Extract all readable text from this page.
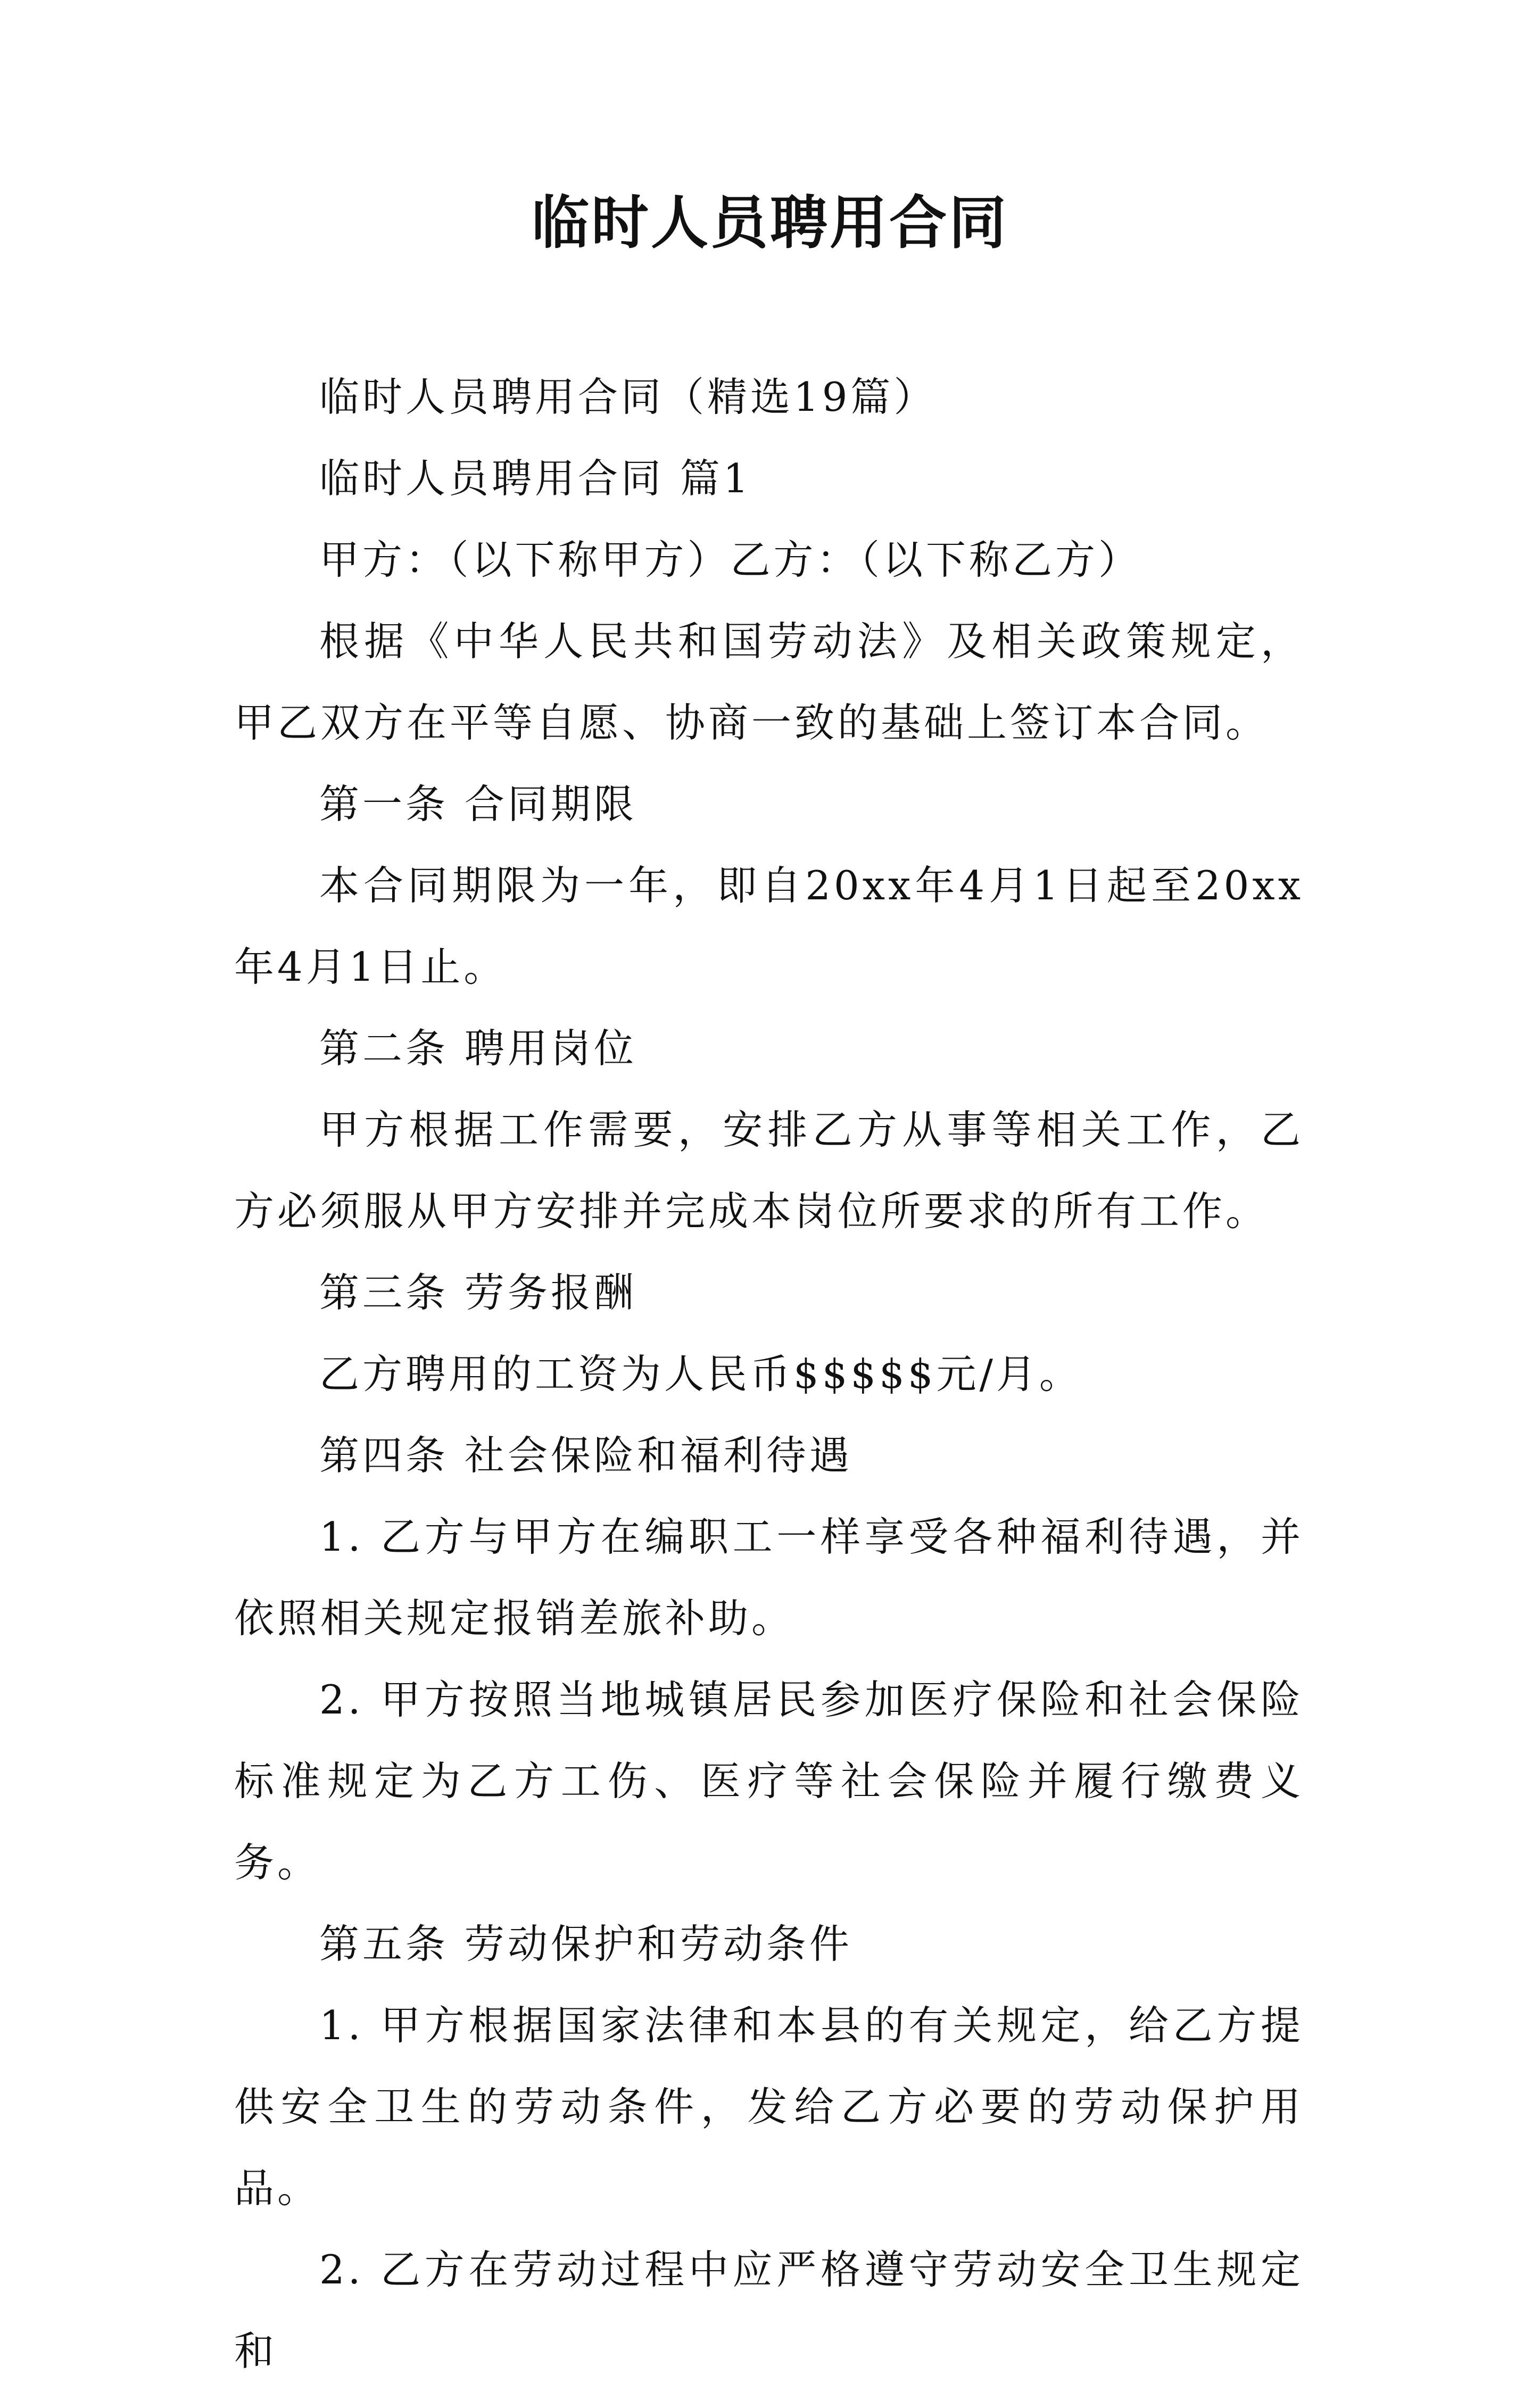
临时人员聘用合同

临时人员聘用合同（精选19篇）

临时人员聘用合同 篇1

甲方：（以下称甲方）乙方：（以下称乙方）

根据《中华人民共和国劳动法》及相关政策规定，甲乙双方在平等自愿、协商一致的基础上签订本合同。

第一条 合同期限

本合同期限为一年，即自20xx年4月1日起至20xx年4月1日止。

第二条 聘用岗位

甲方根据工作需要，安排乙方从事等相关工作，乙方必须服从甲方安排并完成本岗位所要求的所有工作。

第三条 劳务报酬

乙方聘用的工资为人民币$$$$$元/月。

第四条 社会保险和福利待遇

1. 乙方与甲方在编职工一样享受各种福利待遇，并依照相关规定报销差旅补助。

2. 甲方按照当地城镇居民参加医疗保险和社会保险标准规定为乙方工伤、医疗等社会保险并履行缴费义务。

第五条 劳动保护和劳动条件

1. 甲方根据国家法律和本县的有关规定，给乙方提供安全卫生的劳动条件，发给乙方必要的劳动保护用品。

2. 乙方在劳动过程中应严格遵守劳动安全卫生规定和
